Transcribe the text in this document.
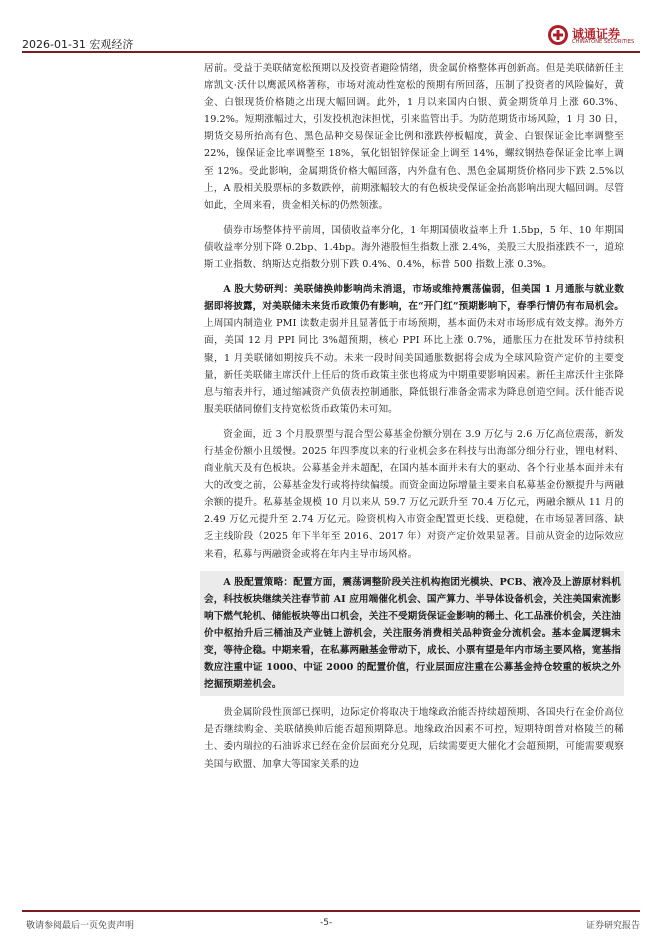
2026-01-31 宏观经济
诚通证券
CHINATONE SECURITIES

居前。受益于美联储宽松预期以及投资者避险情绪，贵金属价格整体再创新高。但是美联储新任主席凯文·沃什以鹰派风格著称，市场对流动性宽松的预期有所回落，压制了投资者的风险偏好，黄金、白银现货价格随之出现大幅回调。此外，1 月以来国内白银、黄金期货单月上涨 60.3%、19.2%。短期涨幅过大，引发投机泡沫担忧，引来监管出手。为防范期货市场风险，1 月 30 日，期货交易所抬高有色、黑色品种交易保证金比例和涨跌停板幅度，黄金、白银保证金比率调整至 22%，镍保证金比率调整至 18%，氧化铝铝锌保证金上调至 14%，螺纹钢热卷保证金比率上调至 12%。受此影响，金属期货价格大幅回落，内外盘有色、黑色金属期货价格同步下跌 2.5%以上，A 股相关股票标的多数跌停，前期涨幅较大的有色板块受保证金抬高影响出现大幅回调。尽管如此，全周来看，贵金相关标的仍然领涨。

债券市场整体持平前周，国债收益率分化，1 年期国债收益率上升 1.5bp，5 年、10 年期国债收益率分别下降 0.2bp、1.4bp。海外港股恒生指数上涨 2.4%，美股三大股指涨跌不一，道琼斯工业指数、纳斯达克指数分别下跌 0.4%、0.4%，标普 500 指数上涨 0.3%。

A 股大势研判：美联储换帅影响尚未消退，市场或维持震荡偏弱，但美国 1 月通胀与就业数据即将披露，对美联储未来货币政策仍有影响，在“开门红”预期影响下，春季行情仍有布局机会。上周国内制造业 PMI 读数走弱并且显著低于市场预期，基本面仍未对市场形成有效支撑。海外方面，美国 12 月 PPI 同比 3%超预期，核心 PPI 环比上涨 0.7%，通胀压力在批发环节持续积聚，1 月美联储如期按兵不动。未来一段时间美国通胀数据将会成为全球风险资产定价的主要变量，新任美联储主席沃什上任后的货币政策主张也将成为中期重要影响因素。新任主席沃什主张降息与缩表并行，通过缩减资产负债表控制通胀，降低银行准备金需求为降息创造空间。沃什能否说服美联储同僚们支持宽松货币政策仍未可知。

资金面，近 3 个月股票型与混合型公募基金份额分别在 3.9 万亿与 2.6 万亿高位震荡，新发行基金份额小且缓慢。2025 年四季度以来的行业机会多在科技与出海部分细分行业，锂电材料、商业航天及有色板块。公募基金并未超配，在国内基本面并未有大的驱动、各个行业基本面并未有大的改变之前，公募基金发行或将持续偏缓。而资金面边际增量主要来自私募基金份额提升与两融余额的提升。私募基金规模 10 月以来从 59.7 万亿元跃升至 70.4 万亿元，两融余额从 11 月的 2.49 万亿元提升至 2.74 万亿元。险资机构入市资金配置更长线、更稳健，在市场显著回落、缺乏主线阶段（2025 年下半年至 2016、2017 年）对资产定价效果显著。目前从资金的边际效应来看，私募与两融资金或将在年内主导市场风格。

A 股配置策略：配置方面，震荡调整阶段关注机构抱团光模块、PCB、液冷及上游原材料机会，科技板块继续关注春节前 AI 应用端催化机会、国产算力、半导体设备机会，关注美国索流影响下燃气轮机、储能板块等出口机会，关注不受期货保证金影响的稀土、化工品涨价机会，关注油价中枢抬升后三桶油及产业链上游机会，关注服务消费相关品种资金分流机会。基本金属逻辑未变，等待企稳。中期来看，在私募两融基金带动下，成长、小票有望是年内市场主要风格，宽基指数应注重中证 1000、中证 2000 的配置价值，行业层面应注重在公募基金持仓较重的板块之外挖掘预期差机会。

贵金属阶段性顶部已探明，边际定价将取决于地缘政治能否持续超预期、各国央行在金价高位是否继续购金、美联储换帅后能否超预期降息。地缘政治因素不可控，短期特朗普对格陵兰的稀土、委内瑞拉的石油诉求已经在金价层面充分兑现，后续需要更大催化才会超预期，可能需要观察美国与欧盟、加拿大等国家关系的边

敬请参阅最后一页免责声明	-5-	证券研究报告
